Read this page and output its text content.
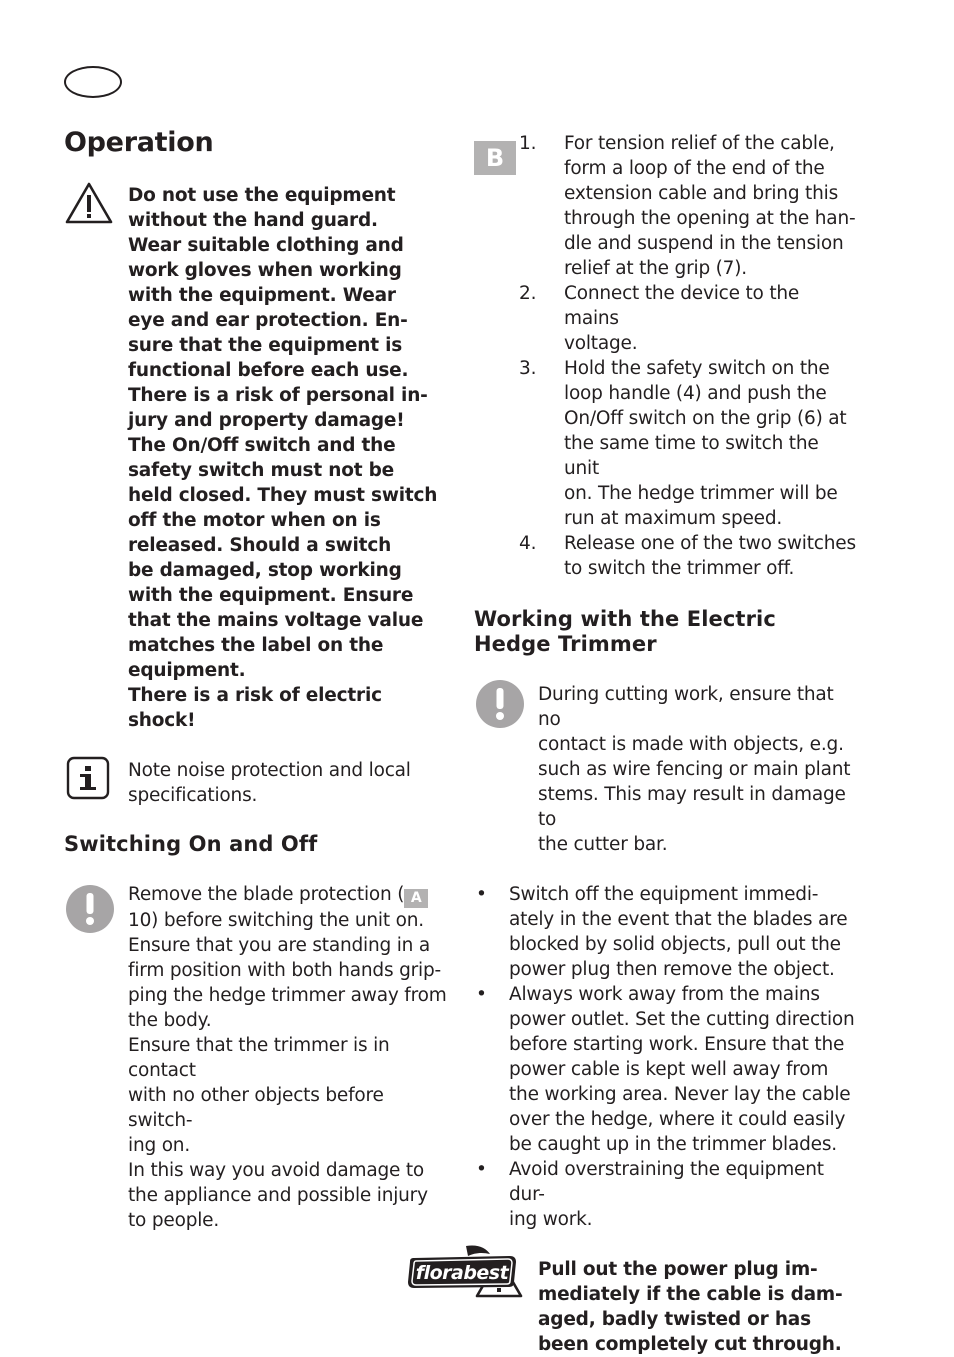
Operation

Do not use the equipment
without the hand guard.
Wear suitable clothing and
work gloves when working
with the equipment. Wear
eye and ear protection. En-
sure that the equipment is
functional before each use.
There is a risk of personal in-
jury and property damage!
The On/Off switch and the
safety switch must not be
held closed. They must switch
off the motor when on is
released. Should a switch
be damaged, stop working
with the equipment. Ensure
that the mains voltage value
matches the label on the
equipment.
There is a risk of electric
shock!

Note noise protection and local
specifications.

Switching On and Off

Remove the blade protection ( A
10) before switching the unit on.
Ensure that you are standing in a
firm position with both hands grip-
ping the hedge trimmer away from
the body.
Ensure that the trimmer is in contact
with no other objects before switch-
ing on.
In this way you avoid damage to
the appliance and possible injury
to people.

B
1. For tension relief of the cable,
form a loop of the end of the
extension cable and bring this
through the opening at the han-
dle and suspend in the tension
relief at the grip (7).
2. Connect the device to the mains
voltage.
3. Hold the safety switch on the
loop handle (4) and push the
On/Off switch on the grip (6) at
the same time to switch the unit
on. The hedge trimmer will be
run at maximum speed.
4. Release one of the two switches
to switch the trimmer off.
Working with the Electric
Hedge Trimmer

During cutting work, ensure that no
contact is made with objects, e.g.
such as wire fencing or main plant
stems. This may result in damage to
the cutter bar.

• Switch off the equipment immedi-
ately in the event that the blades are
blocked by solid objects, pull out the
power plug then remove the object.
• Always work away from the mains
power outlet. Set the cutting direction
before starting work. Ensure that the
power cable is kept well away from
the working area. Never lay the cable
over the hedge, where it could easily
be caught up in the trimmer blades.
• Avoid overstraining the equipment dur-
ing work.

Pull out the power plug im-
mediately if the cable is dam-
aged, badly twisted or has
been completely cut through.

florabest
